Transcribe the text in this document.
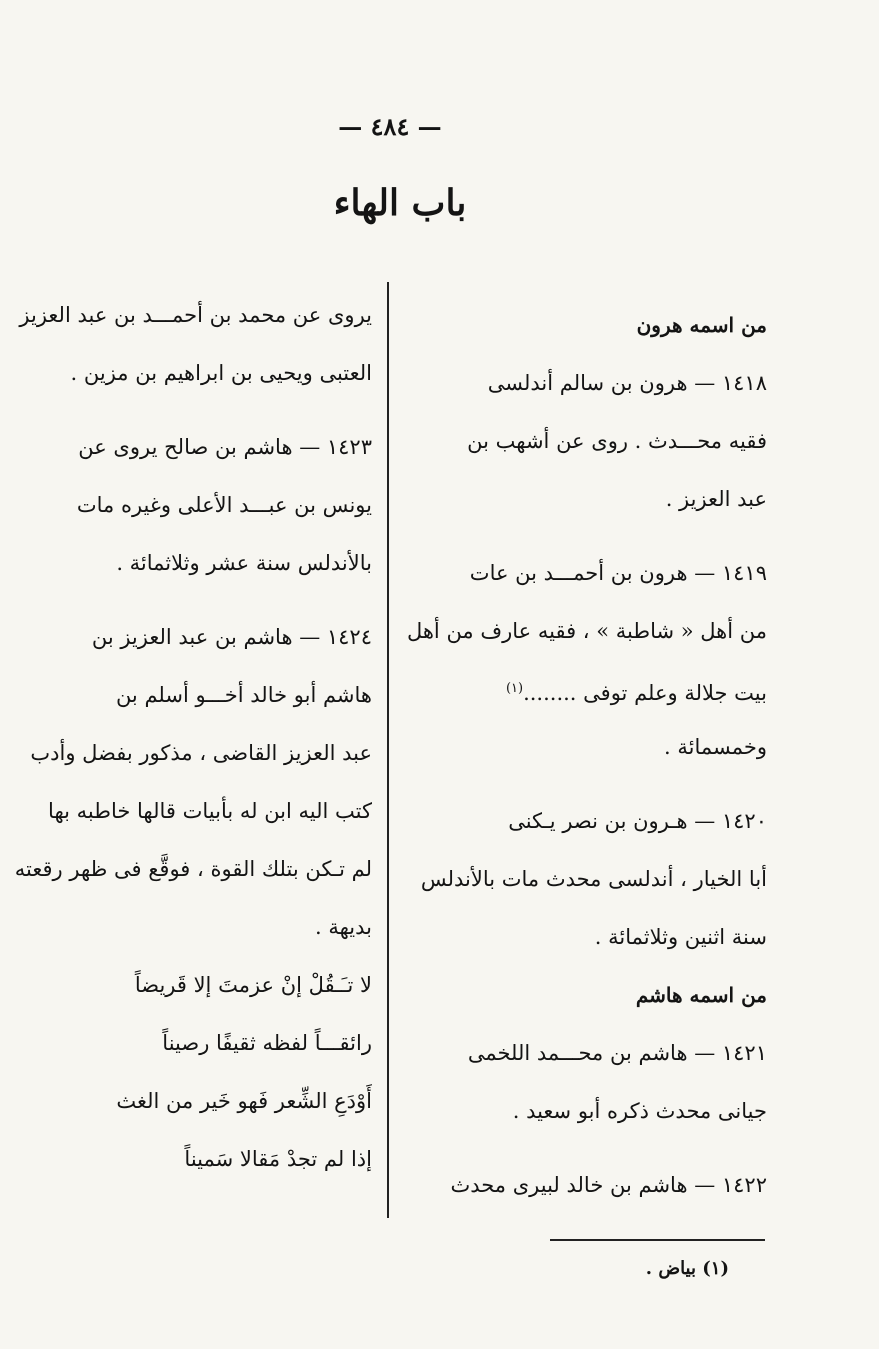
— ٤٨٤ —
باب الهاء
من اسمه هرون
١٤١٨ — هرون بن سالم أندلسى
فقيه محـــدث . روى عن أشهب بن
عبد العزيز .
١٤١٩ — هرون بن أحمـــد بن عات
من أهل « شاطبة » ، فقيه عارف من أهل
بيت جلالة وعلم توفى ........$^{(١)}$
وخمسمائة .
١٤٢٠ — هـرون بن نصر يـكنى
أبا الخيار ، أندلسى محدث مات بالأندلس
سنة اثنين وثلاثمائة .
من اسمه هاشم
١٤٢١ — هاشم بن محـــمد اللخمى
جيانى محدث ذكره أبو سعيد .
١٤٢٢ — هاشم بن خالد لبيرى محدث
يروى عن محمد بن أحمـــد بن عبد العزيز
العتبى ويحيى بن ابراهيم بن مزين .
١٤٢٣ — هاشم بن صالح يروى عن
يونس بن عبـــد الأعلى وغيره مات
بالأندلس سنة عشر وثلاثمائة .
١٤٢٤ — هاشم بن عبد العزيز بن
هاشم أبو خالد أخـــو أسلم بن
عبد العزيز القاضى ، مذكور بفضل وأدب
كتب اليه ابن له بأبيات قالها خاطبه بها
لم تـكن بتلك القوة ، فوقَّع فى ظهر رقعته
بديهة .
لا تـَـقُلْ إنْ عزمتَ إلا قَريضاً
رائقـــاً لفظه ثقيفًا رصيناً
أَوْدَعِ الشِّعر فَهو خَير من الغث
إذا لم تجدْ مَقالا سَميناً
(١) بياض .
